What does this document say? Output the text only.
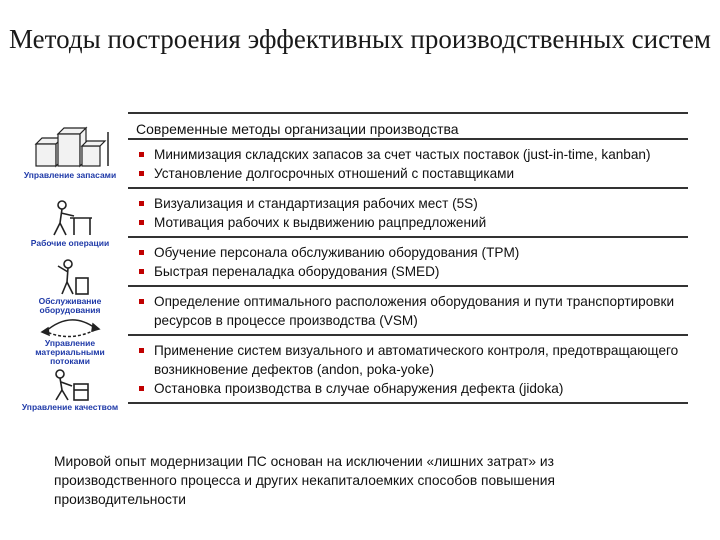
Методы построения эффективных производственных систем
Управление запасами
Рабочие операции
Обслуживание оборудования
Управление материальными потоками
Управление качеством
Современные методы организации производства
Минимизация складских запасов за счет частых поставок (just-in-time, kanban)
Установление долгосрочных отношений с поставщиками
Визуализация и стандартизация рабочих мест (5S)
Мотивация рабочих к выдвижению рацпредложений
Обучение персонала обслуживанию оборудования (TPM)
Быстрая переналадка оборудования (SMED)
Определение оптимального расположения оборудования и пути транспортировки ресурсов в процессе производства (VSM)
Применение систем визуального и автоматического контроля, предотвращающего возникновение дефектов (andon, poka-yoke)
Остановка производства в случае обнаружения дефекта (jidoka)
Мировой опыт модернизации ПС основан на исключении «лишних затрат» из производственного процесса и других некапиталоемких способов повышения производительности
